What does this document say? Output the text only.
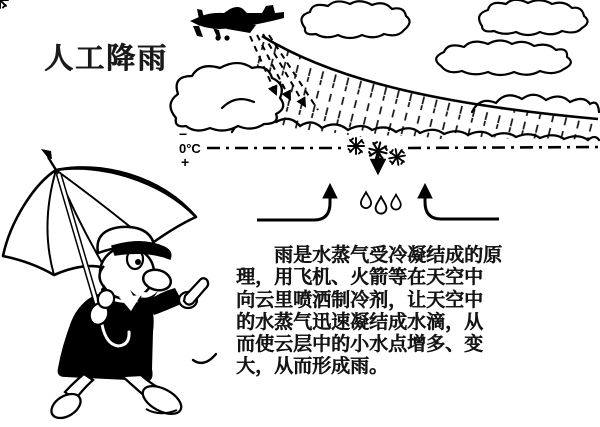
−
0°C
+
人工降雨
雨是水蒸气受冷凝结成的原
理，用飞机、火箭等在天空中
向云里喷洒制冷剂，让天空中
的水蒸气迅速凝结成水滴，从
而使云层中的小水点增多、变
大，从而形成雨。
